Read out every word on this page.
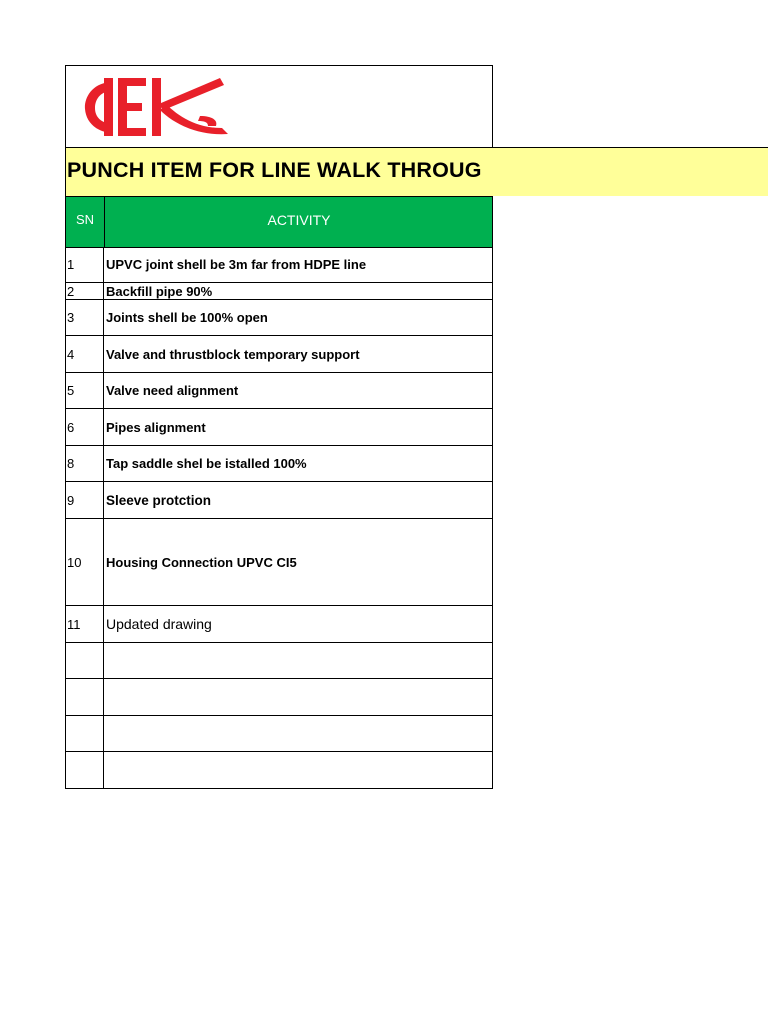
PUNCH ITEM FOR LINE WALK THROUG
SN	ACTIVITY
1	UPVC joint shell be 3m far from HDPE line
2	Backfill pipe 90%
3	Joints shell be 100% open
4	Valve and thrustblock temporary support
5	Valve need alignment
6	Pipes alignment
8	Tap saddle shel be istalled 100%
9	Sleeve protction
10	Housing Connection UPVC CI5
11	Updated drawing
